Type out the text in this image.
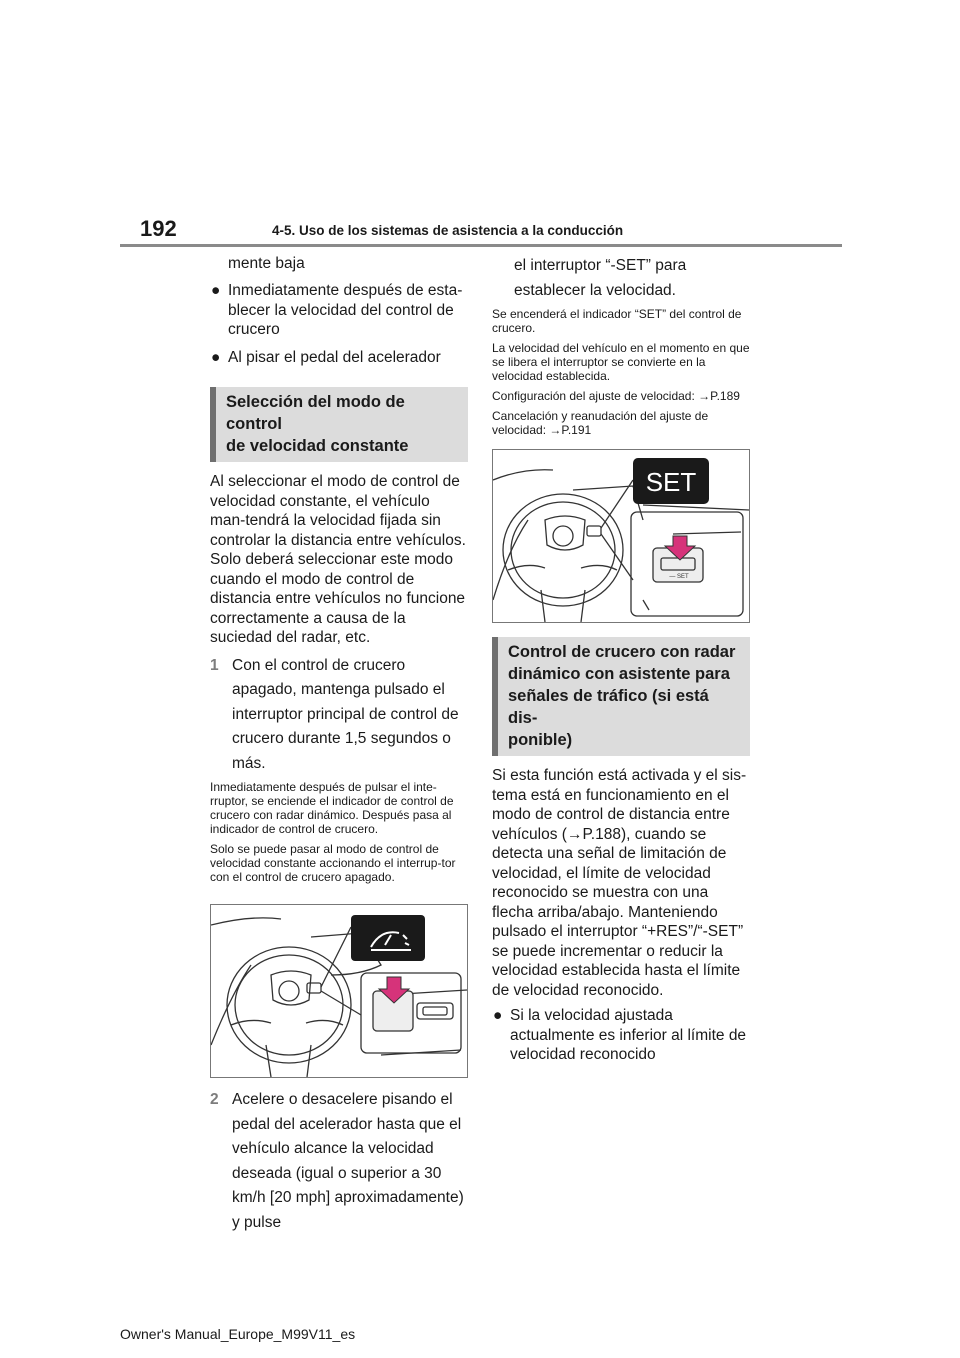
192	4-5. Uso de los sistemas de asistencia a la conducción
mente baja
● Inmediatamente después de esta-blecer la velocidad del control de crucero
● Al pisar el pedal del acelerador
Selección del modo de control
de velocidad constante

Al seleccionar el modo de control de velocidad constante, el vehículo man-tendrá la velocidad fijada sin controlar la distancia entre vehículos. Solo deberá seleccionar este modo cuando el modo de control de distancia entre vehículos no funcione correctamente a causa de la suciedad del radar, etc.

1 Con el control de crucero apagado, mantenga pulsado el interruptor principal de control de crucero durante 1,5 segundos o más.

Inmediatamente después de pulsar el inte-rruptor, se enciende el indicador de control de crucero con radar dinámico. Después pasa al indicador de control de crucero.

Solo se puede pasar al modo de control de velocidad constante accionando el interrup-tor con el control de crucero apagado.

2 Acelere o desacelere pisando el pedal del acelerador hasta que el vehículo alcance la velocidad deseada (igual o superior a 30 km/h [20 mph] aproximadamente) y pulse
el interruptor “-SET” para establecer la velocidad.

Se encenderá el indicador “SET” del control de crucero.

La velocidad del vehículo en el momento en que se libera el interruptor se convierte en la velocidad establecida.

Configuración del ajuste de velocidad: →P.189

Cancelación y reanudación del ajuste de velocidad: →P.191

SET
— SET
Control de crucero con radar
dinámico con asistente para
señales de tráfico (si está dis-
ponible)

Si esta función está activada y el sis-tema está en funcionamiento en el modo de control de distancia entre vehículos (→P.188), cuando se detecta una señal de limitación de velocidad, el límite de velocidad reconocido se muestra con una flecha arriba/abajo. Manteniendo pulsado el interruptor “+RES”/“-SET” se puede incrementar o reducir la velocidad establecida hasta el límite de velocidad reconocido.

● Si la velocidad ajustada actualmente es inferior al límite de velocidad reconocido
Owner's Manual_Europe_M99V11_es
